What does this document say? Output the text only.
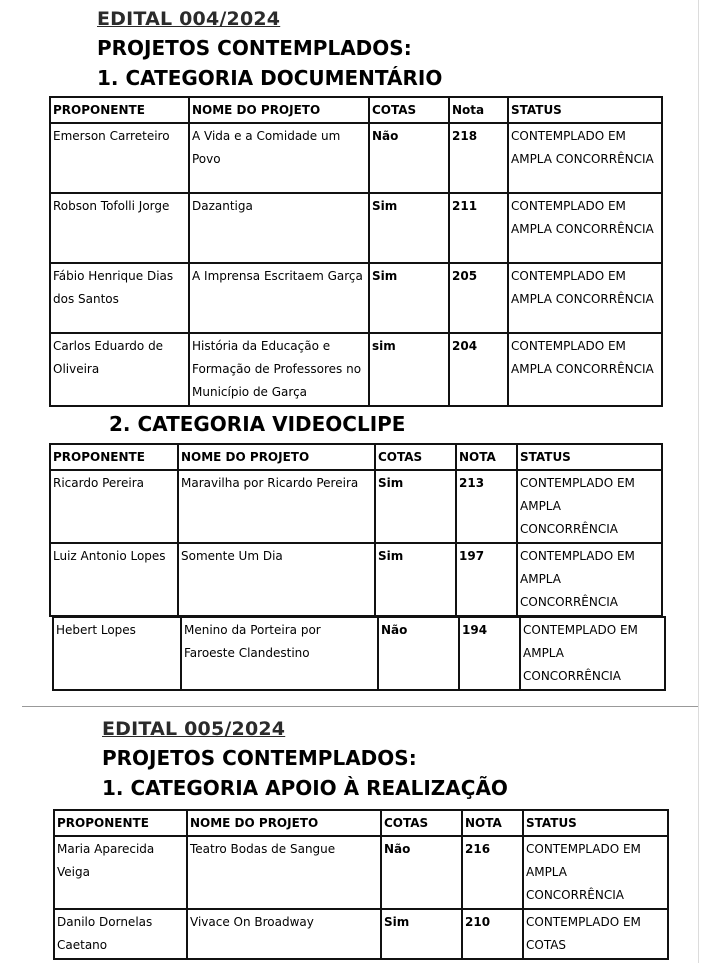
EDITAL 004/2024
PROJETOS CONTEMPLADOS:
1. CATEGORIA DOCUMENTÁRIO
PROPONENTE	NOME DO PROJETO	COTAS	Nota	STATUS
Emerson Carreteiro	A Vida e a Comidade um Povo	Não	218	CONTEMPLADO EM AMPLA CONCORRÊNCIA
Robson Tofolli Jorge	Dazantiga	Sim	211	CONTEMPLADO EM AMPLA CONCORRÊNCIA
Fábio Henrique Dias dos Santos	A Imprensa Escritaem Garça	Sim	205	CONTEMPLADO EM AMPLA CONCORRÊNCIA
Carlos Eduardo de Oliveira	História da Educação e Formação de Professores no Município de Garça	sim	204	CONTEMPLADO EM AMPLA CONCORRÊNCIA
2. CATEGORIA VIDEOCLIPE
PROPONENTE	NOME DO PROJETO	COTAS	NOTA	STATUS
Ricardo Pereira	Maravilha por Ricardo Pereira	Sim	213	CONTEMPLADO EM AMPLA CONCORRÊNCIA
Luiz Antonio Lopes	Somente Um Dia	Sim	197	CONTEMPLADO EM AMPLA CONCORRÊNCIA
Hebert Lopes	Menino da Porteira por Faroeste Clandestino	Não	194	CONTEMPLADO EM AMPLA CONCORRÊNCIA
EDITAL 005/2024
PROJETOS CONTEMPLADOS:
1. CATEGORIA APOIO À REALIZAÇÃO
PROPONENTE	NOME DO PROJETO	COTAS	NOTA	STATUS
Maria Aparecida Veiga	Teatro Bodas de Sangue	Não	216	CONTEMPLADO EM AMPLA CONCORRÊNCIA
Danilo Dornelas Caetano	Vivace On Broadway	Sim	210	CONTEMPLADO EM COTAS
